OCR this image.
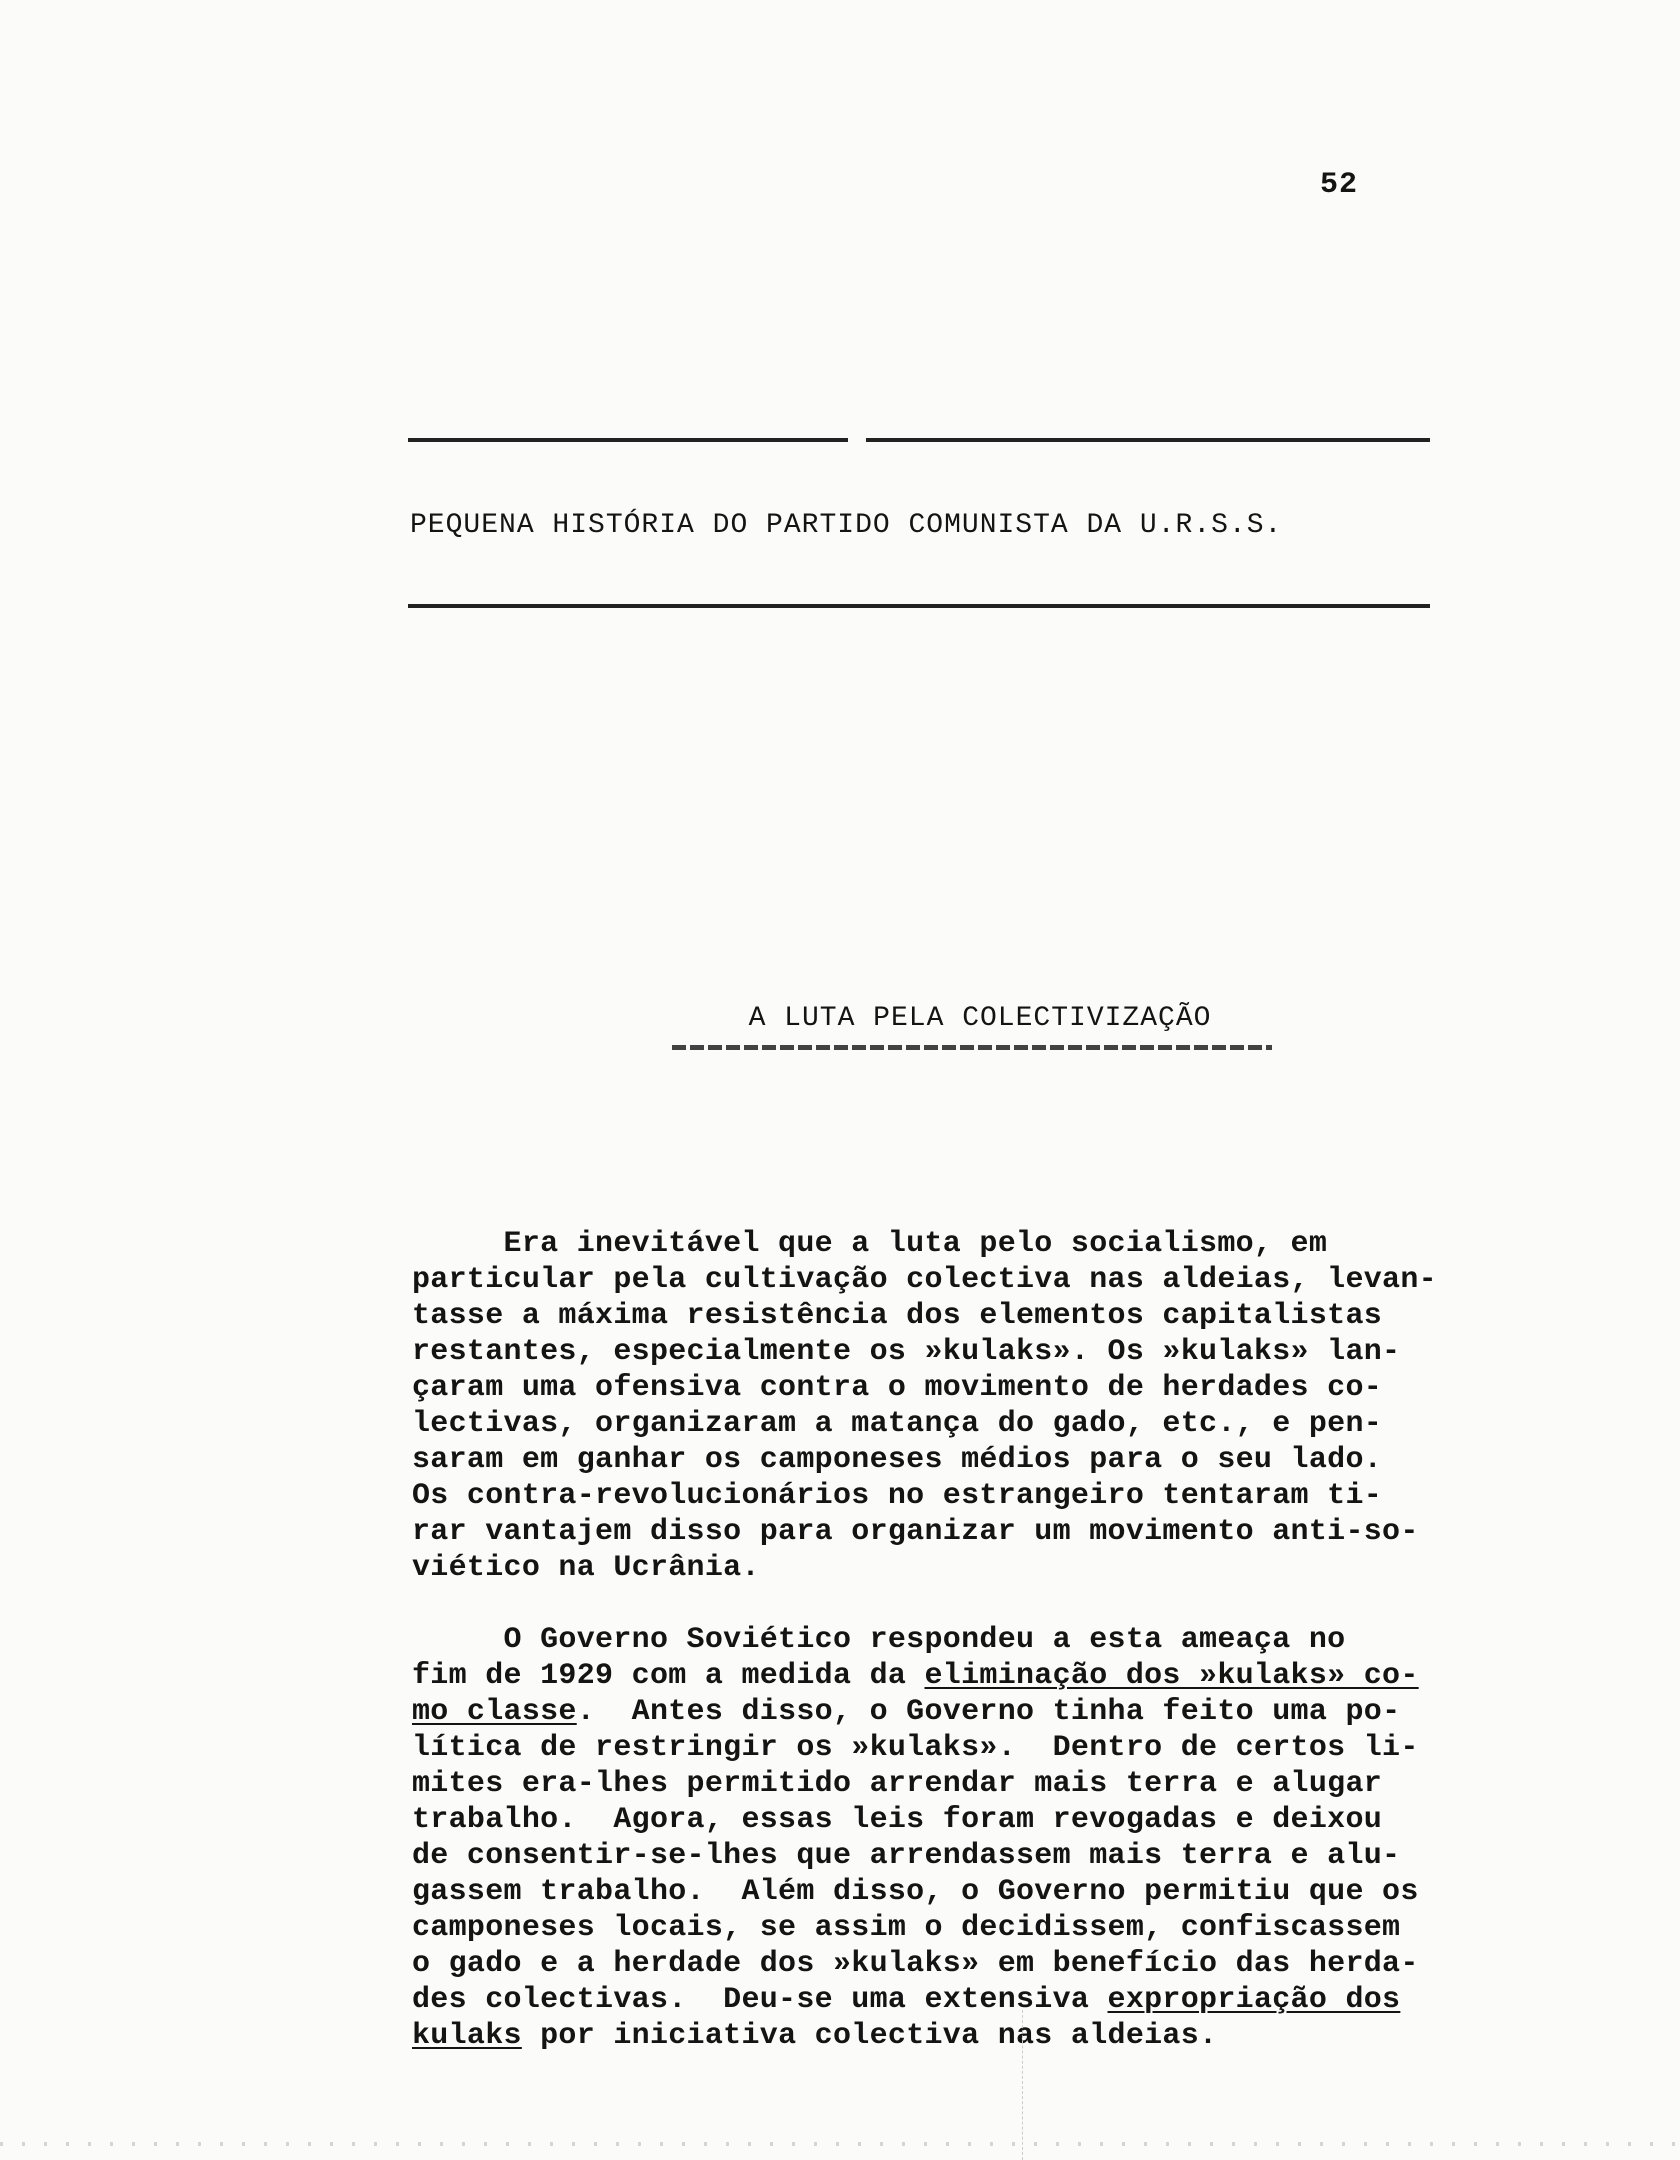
52
PEQUENA HISTÓRIA DO PARTIDO COMUNISTA DA U.R.S.S.
A LUTA PELA COLECTIVIZAÇÃO

Era inevitável que a luta pelo socialismo, em

particular pela cultivação colectiva nas aldeias, levan-

tasse a máxima resistência dos elementos capitalistas

restantes, especialmente os »kulaks». Os »kulaks» lan-

çaram uma ofensiva contra o movimento de herdades co-

lectivas, organizaram a matança do gado, etc., e pen-

saram em ganhar os camponeses médios para o seu lado.

Os contra-revolucionários no estrangeiro tentaram ti-

rar vantajem disso para organizar um movimento anti-so-

viético na Ucrânia.

O Governo Soviético respondeu a esta ameaça no

fim de 1929 com a medida da eliminação dos »kulaks» co-

mo classe.  Antes disso, o Governo tinha feito uma po-

lítica de restringir os »kulaks».  Dentro de certos li-

mites era-lhes permitido arrendar mais terra e alugar

trabalho.  Agora, essas leis foram revogadas e deixou

de consentir-se-lhes que arrendassem mais terra e alu-

gassem trabalho.  Além disso, o Governo permitiu que os

camponeses locais, se assim o decidissem, confiscassem

o gado e a herdade dos »kulaks» em benefício das herda-

des colectivas.  Deu-se uma extensiva expropriação dos

kulaks por iniciativa colectiva nas aldeias.
